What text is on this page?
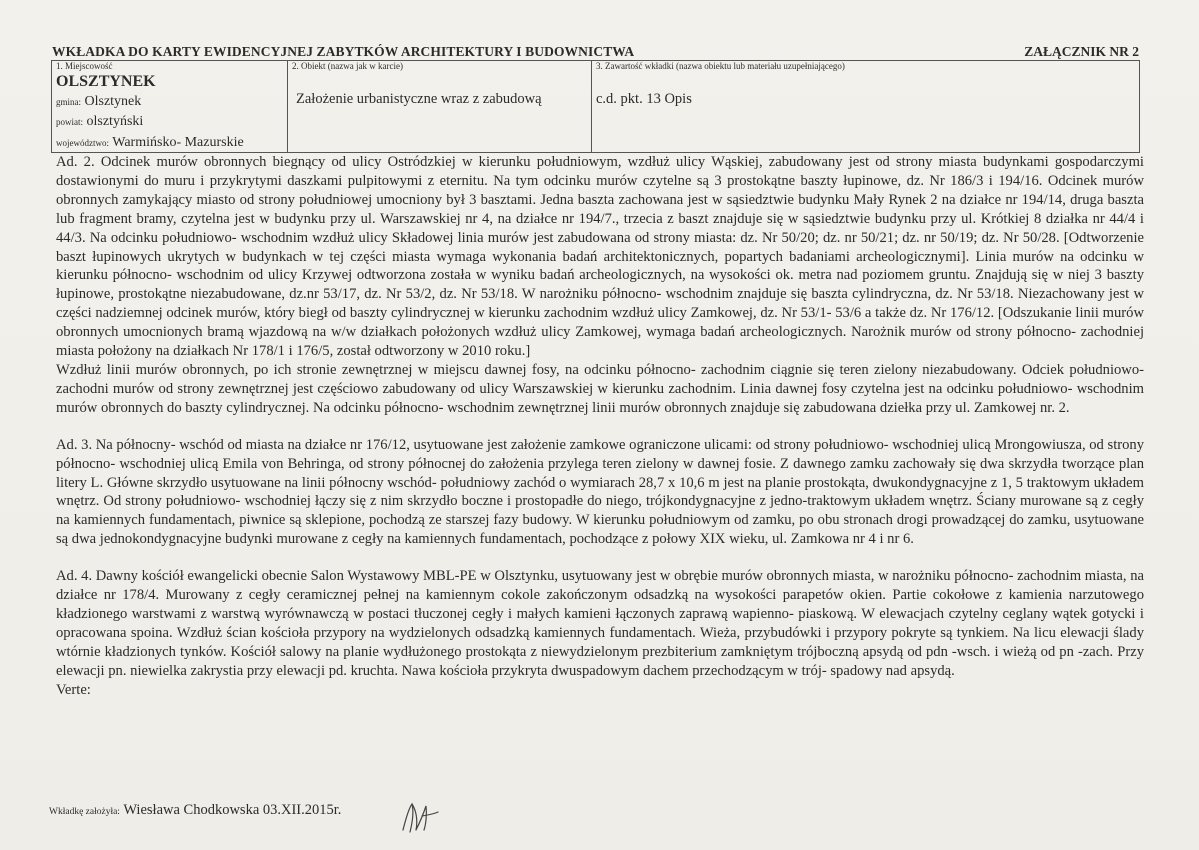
WKŁADKA DO KARTY EWIDENCYJNEJ ZABYTKÓW ARCHITEKTURY I BUDOWNICTWA	ZAŁĄCZNIK NR 2
1. Miejscowość
OLSZTYNEK
gmina: Olsztynek
powiat: olsztyński
województwo: Warmińsko- Mazurskie
2. Obiekt (nazwa jak w karcie)
Założenie urbanistyczne wraz z zabudową
3. Zawartość wkładki (nazwa obiektu lub materiału uzupełniającego)
c.d. pkt. 13 Opis

Ad. 2. Odcinek murów obronnych biegnący od ulicy Ostródzkiej w kierunku południowym, wzdłuż ulicy Wąskiej, zabudowany jest od strony miasta budynkami gospodarczymi dostawionymi do muru i przykrytymi daszkami pulpitowymi z eternitu. Na tym odcinku murów czytelne są 3 prostokątne baszty łupinowe, dz. Nr 186/3 i 194/16. Odcinek murów obronnych zamykający miasto od strony południowej umocniony był 3 basztami. Jedna baszta zachowana jest w sąsiedztwie budynku Mały Rynek 2 na działce nr 194/14, druga baszta lub fragment bramy, czytelna jest w budynku przy ul. Warszawskiej nr 4, na działce nr 194/7., trzecia z baszt znajduje się w sąsiedztwie budynku przy ul. Krótkiej 8 działka nr 44/4 i 44/3. Na odcinku południowo- wschodnim wzdłuż ulicy Składowej linia murów jest zabudowana od strony miasta: dz. Nr 50/20; dz. nr 50/21; dz. nr 50/19; dz. Nr 50/28. [Odtworzenie baszt łupinowych ukrytych w budynkach w tej części miasta wymaga wykonania badań architektonicznych, popartych badaniami archeologicznymi]. Linia murów na odcinku w kierunku północno- wschodnim od ulicy Krzywej odtworzona została w wyniku badań archeologicznych, na wysokości ok. metra nad poziomem gruntu. Znajdują się w niej 3 baszty łupinowe, prostokątne niezabudowane, dz.nr 53/17, dz. Nr 53/2, dz. Nr 53/18. W narożniku północno- wschodnim znajduje się baszta cylindryczna, dz. Nr 53/18. Niezachowany jest w części nadziemnej odcinek murów, który biegł od baszty cylindrycznej w kierunku zachodnim wzdłuż ulicy Zamkowej, dz. Nr 53/1- 53/6 a także dz. Nr 176/12. [Odszukanie linii murów obronnych umocnionych bramą wjazdową na w/w działkach położonych wzdłuż ulicy Zamkowej, wymaga badań archeologicznych. Narożnik murów od strony północno- zachodniej miasta położony na działkach Nr 178/1 i 176/5, został odtworzony w 2010 roku.]

Wzdłuż linii murów obronnych, po ich stronie zewnętrznej w miejscu dawnej fosy, na odcinku północno- zachodnim ciągnie się teren zielony niezabudowany. Odciek południowo- zachodni murów od strony zewnętrznej jest częściowo zabudowany od ulicy Warszawskiej w kierunku zachodnim. Linia dawnej fosy czytelna jest na odcinku południowo- wschodnim murów obronnych do baszty cylindrycznej. Na odcinku północno- wschodnim zewnętrznej linii murów obronnych znajduje się zabudowana dziełka przy ul. Zamkowej nr. 2.

Ad. 3. Na północny- wschód od miasta na działce nr 176/12, usytuowane jest założenie zamkowe ograniczone ulicami: od strony południowo- wschodniej ulicą Mrongowiusza, od strony północno- wschodniej ulicą Emila von Behringa, od strony północnej do założenia przylega teren zielony w dawnej fosie. Z dawnego zamku zachowały się dwa skrzydła tworzące plan litery L. Główne skrzydło usytuowane na linii północny wschód- południowy zachód o wymiarach 28,7 x 10,6 m jest na planie prostokąta, dwukondygnacyjne z 1, 5 traktowym układem wnętrz. Od strony południowo- wschodniej łączy się z nim skrzydło boczne i prostopadłe do niego, trójkondygnacyjne z jedno-traktowym układem wnętrz. Ściany murowane są z cegły na kamiennych fundamentach, piwnice są sklepione, pochodzą ze starszej fazy budowy. W kierunku południowym od zamku, po obu stronach drogi prowadzącej do zamku, usytuowane są dwa jednokondygnacyjne budynki murowane z cegły na kamiennych fundamentach, pochodzące z połowy XIX wieku, ul. Zamkowa nr 4 i nr 6.

Ad. 4. Dawny kościół ewangelicki obecnie Salon Wystawowy MBL-PE w Olsztynku, usytuowany jest w obrębie murów obronnych miasta, w narożniku północno- zachodnim miasta, na działce nr 178/4. Murowany z cegły ceramicznej pełnej na kamiennym cokole zakończonym odsadzką na wysokości parapetów okien. Partie cokołowe z kamienia narzutowego kładzionego warstwami z warstwą wyrównawczą w postaci tłuczonej cegły i małych kamieni łączonych zaprawą wapienno- piaskową. W elewacjach czytelny ceglany wątek gotycki i opracowana spoina. Wzdłuż ścian kościoła przypory na wydzielonych odsadzką kamiennych fundamentach. Wieża, przybudówki i przypory pokryte są tynkiem. Na licu elewacji ślady wtórnie kładzionych tynków. Kościół salowy na planie wydłużonego prostokąta z niewydzielonym prezbiterium zamkniętym trójboczną apsydą od pdn -wsch. i wieżą od pn -zach. Przy elewacji pn. niewielka zakrystia przy elewacji pd. kruchta. Nawa kościoła przykryta dwuspadowym dachem przechodzącym w trój- spadowy nad apsydą.

Verte:

Wkładkę założyła: Wiesława Chodkowska 03.XII.2015r.
